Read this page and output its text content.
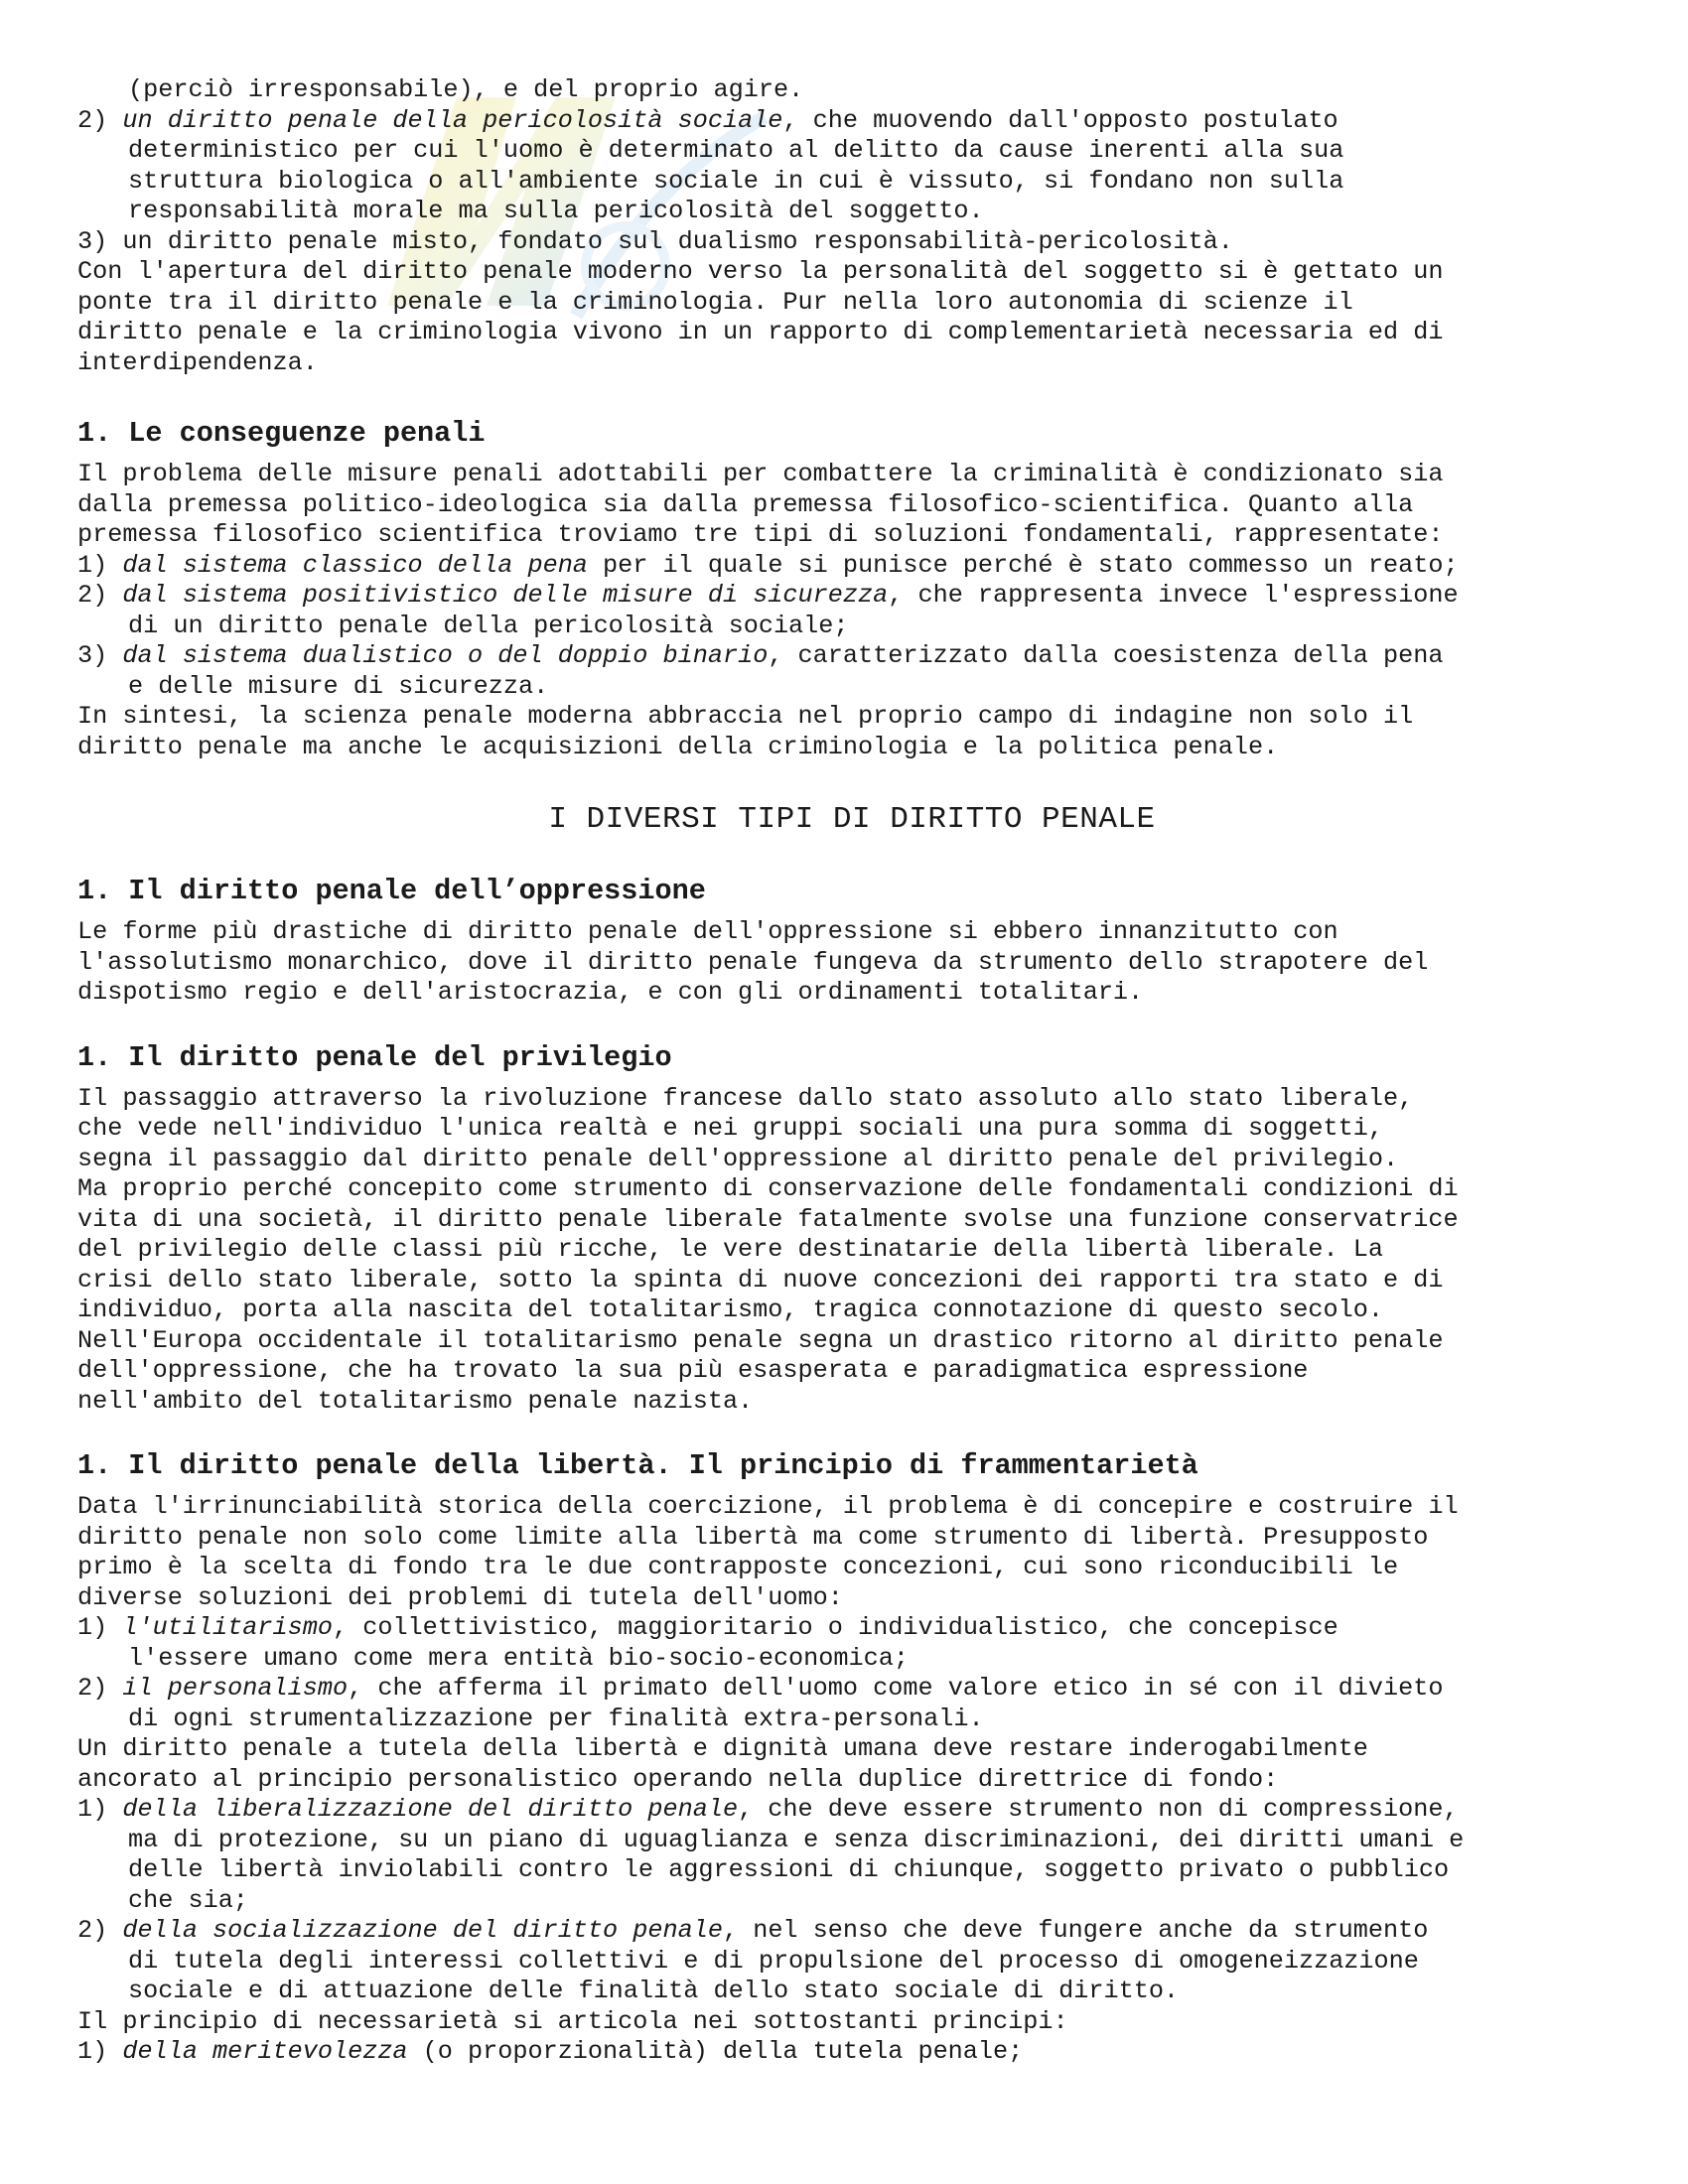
(perciò irresponsabile), e del proprio agire.
2) un diritto penale della pericolosità sociale, che muovendo dall'opposto postulato
deterministico per cui l'uomo è determinato al delitto da cause inerenti alla sua
struttura biologica o all'ambiente sociale in cui è vissuto, si fondano non sulla
responsabilità morale ma sulla pericolosità del soggetto.
3) un diritto penale misto, fondato sul dualismo responsabilità-pericolosità.
Con l'apertura del diritto penale moderno verso la personalità del soggetto si è gettato un
ponte tra il diritto penale e la criminologia. Pur nella loro autonomia di scienze il
diritto penale e la criminologia vivono in un rapporto di complementarietà necessaria ed di
interdipendenza.
1. Le conseguenze penali
Il problema delle misure penali adottabili per combattere la criminalità è condizionato sia
dalla premessa politico-ideologica sia dalla premessa filosofico-scientifica. Quanto alla
premessa filosofico scientifica troviamo tre tipi di soluzioni fondamentali, rappresentate:
1) dal sistema classico della pena per il quale si punisce perché è stato commesso un reato;
2) dal sistema positivistico delle misure di sicurezza, che rappresenta invece l'espressione
di un diritto penale della pericolosità sociale;
3) dal sistema dualistico o del doppio binario, caratterizzato dalla coesistenza della pena
e delle misure di sicurezza.
In sintesi, la scienza penale moderna abbraccia nel proprio campo di indagine non solo il
diritto penale ma anche le acquisizioni della criminologia e la politica penale.
I DIVERSI TIPI DI DIRITTO PENALE
1. Il diritto penale dell’oppressione
Le forme più drastiche di diritto penale dell'oppressione si ebbero innanzitutto con
l'assolutismo monarchico, dove il diritto penale fungeva da strumento dello strapotere del
dispotismo regio e dell'aristocrazia, e con gli ordinamenti totalitari.
1. Il diritto penale del privilegio
Il passaggio attraverso la rivoluzione francese dallo stato assoluto allo stato liberale,
che vede nell'individuo l'unica realtà e nei gruppi sociali una pura somma di soggetti,
segna il passaggio dal diritto penale dell'oppressione al diritto penale del privilegio.
Ma proprio perché concepito come strumento di conservazione delle fondamentali condizioni di
vita di una società, il diritto penale liberale fatalmente svolse una funzione conservatrice
del privilegio delle classi più ricche, le vere destinatarie della libertà liberale. La
crisi dello stato liberale, sotto la spinta di nuove concezioni dei rapporti tra stato e di
individuo, porta alla nascita del totalitarismo, tragica connotazione di questo secolo.
Nell'Europa occidentale il totalitarismo penale segna un drastico ritorno al diritto penale
dell'oppressione, che ha trovato la sua più esasperata e paradigmatica espressione
nell'ambito del totalitarismo penale nazista.
1. Il diritto penale della libertà. Il principio di frammentarietà
Data l'irrinunciabilità storica della coercizione, il problema è di concepire e costruire il
diritto penale non solo come limite alla libertà ma come strumento di libertà. Presupposto
primo è la scelta di fondo tra le due contrapposte concezioni, cui sono riconducibili le
diverse soluzioni dei problemi di tutela dell'uomo:
1) l'utilitarismo, collettivistico, maggioritario o individualistico, che concepisce
l'essere umano come mera entità bio-socio-economica;
2) il personalismo, che afferma il primato dell'uomo come valore etico in sé con il divieto
di ogni strumentalizzazione per finalità extra-personali.
Un diritto penale a tutela della libertà e dignità umana deve restare inderogabilmente
ancorato al principio personalistico operando nella duplice direttrice di fondo:
1) della liberalizzazione del diritto penale, che deve essere strumento non di compressione,
ma di protezione, su un piano di uguaglianza e senza discriminazioni, dei diritti umani e
delle libertà inviolabili contro le aggressioni di chiunque, soggetto privato o pubblico
che sia;
2) della socializzazione del diritto penale, nel senso che deve fungere anche da strumento
di tutela degli interessi collettivi e di propulsione del processo di omogeneizzazione
sociale e di attuazione delle finalità dello stato sociale di diritto.
Il principio di necessarietà si articola nei sottostanti principi:
1) della meritevolezza (o proporzionalità) della tutela penale;
